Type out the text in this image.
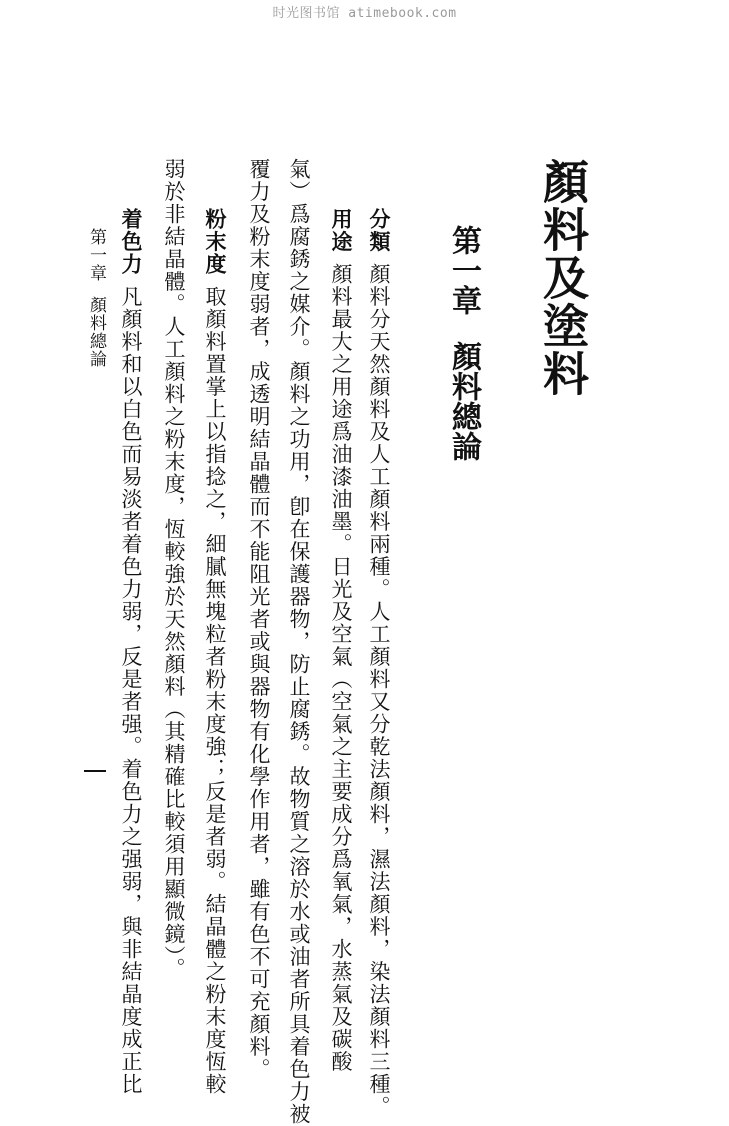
时光图书馆 atimebook.com
顏料及塗料
第一章顏料總論
分類顏料分天然顏料及人工顏料兩種。人工顏料又分乾法顏料，濕法顏料，染法顏料三種。
用途顏料最大之用途爲油漆油墨。日光及空氣（空氣之主要成分爲氧氣，水蒸氣及碳酸
氣）爲腐銹之媒介。顏料之功用，卽在保護器物，防止腐銹。故物質之溶於水或油者所具着色力被
覆力及粉末度弱者，成透明結晶體而不能阻光者或與器物有化學作用者，雖有色不可充顏料。
粉末度取顏料置掌上以指捻之，細膩無塊粒者粉末度強；反是者弱。結晶體之粉末度恆較
弱於非結晶體。人工顏料之粉末度，恆較強於天然顏料（其精確比較須用顯微鏡）。
着色力凡顏料和以白色而易淡者着色力弱，反是者强。着色力之强弱，與非結晶度成正比
第一章顏料總論
